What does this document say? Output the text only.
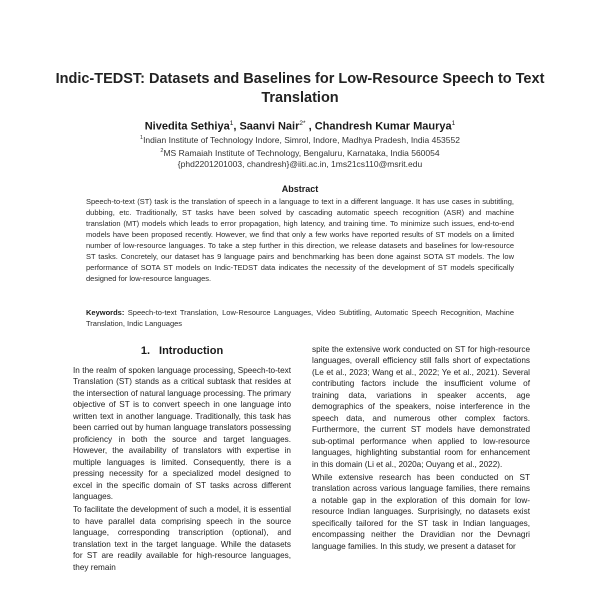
Indic-TEDST: Datasets and Baselines for Low-Resource Speech to Text Translation
Nivedita Sethiya$^1$, Saanvi Nair$^{2*}$ , Chandresh Kumar Maurya$^1$
$^1$Indian Institute of Technology Indore, Simrol, Indore, Madhya Pradesh, India 453552
$^2$MS Ramaiah Institute of Technology, Bengaluru, Karnataka, India 560054
{phd2201201003, chandresh}@iiti.ac.in, 1ms21cs110@msrit.edu
Abstract
Speech-to-text (ST) task is the translation of speech in a language to text in a different language. It has use cases in subtitling, dubbing, etc. Traditionally, ST tasks have been solved by cascading automatic speech recognition (ASR) and machine translation (MT) models which leads to error propagation, high latency, and training time. To minimize such issues, end-to-end models have been proposed recently. However, we find that only a few works have reported results of ST models on a limited number of low-resource languages. To take a step further in this direction, we release datasets and baselines for low-resource ST tasks. Concretely, our dataset has 9 language pairs and benchmarking has been done against SOTA ST models. The low performance of SOTA ST models on Indic-TEDST data indicates the necessity of the development of ST models specifically designed for low-resource languages.
Keywords: Speech-to-text Translation, Low-Resource Languages, Video Subtitling, Automatic Speech Recognition, Machine Translation, Indic Languages
1. Introduction

In the realm of spoken language processing, Speech-to-text Translation (ST) stands as a critical subtask that resides at the intersection of natural language processing. The primary objective of ST is to convert speech in one language into written text in another language. Traditionally, this task has been carried out by human language translators possessing proficiency in both the source and target languages. However, the availability of translators with expertise in multiple languages is limited. Consequently, there is a pressing necessity for a specialized model designed to excel in the specific domain of ST tasks across different languages.

To facilitate the development of such a model, it is essential to have parallel data comprising speech in the source language, corresponding transcription (optional), and translation text in the target language. While the datasets for ST are readily available for high-resource languages, they remain

spite the extensive work conducted on ST for high-resource languages, overall efficiency still falls short of expectations (Le et al., 2023; Wang et al., 2022; Ye et al., 2021). Several contributing factors include the insufficient volume of training data, variations in speaker accents, age demographics of the speakers, noise interference in the speech data, and numerous other complex factors. Furthermore, the current ST models have demonstrated sub-optimal performance when applied to low-resource languages, highlighting substantial room for enhancement in this domain (Li et al., 2020a; Ouyang et al., 2022).

While extensive research has been conducted on ST translation across various language families, there remains a notable gap in the exploration of this domain for low-resource Indian languages. Surprisingly, no datasets exist specifically tailored for the ST task in Indian languages, encompassing neither the Dravidian nor the Devnagri language families. In this study, we present a dataset for
